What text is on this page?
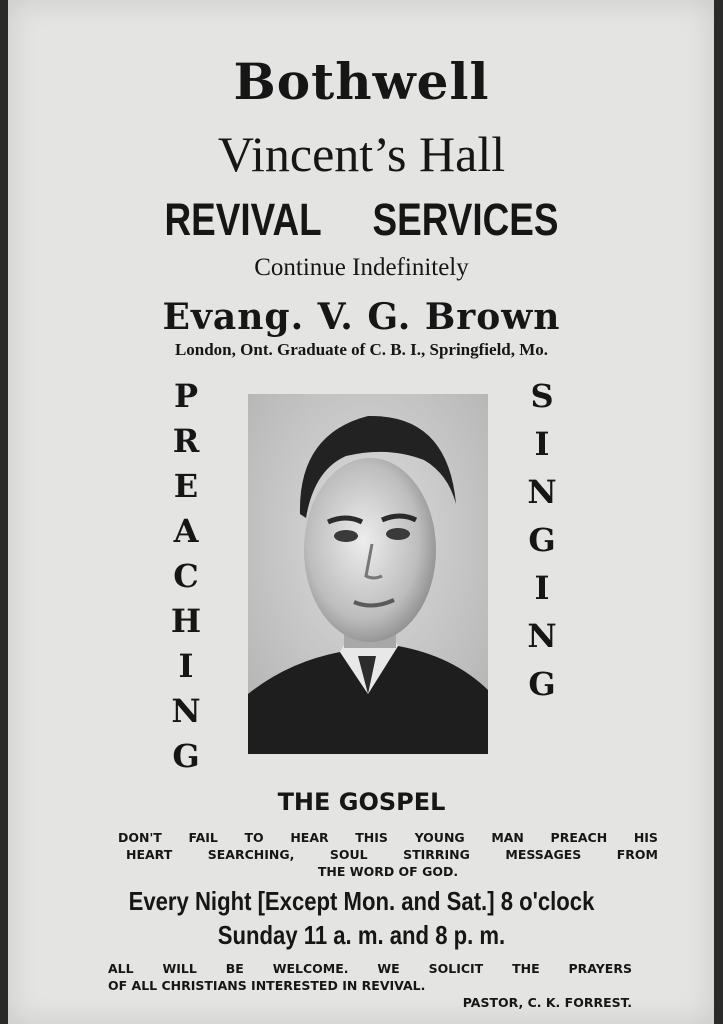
Bothwell
Vincent’s Hall
REVIVAL SERVICES
Continue Indefinitely
Evang. V. G. Brown
London, Ont. Graduate of C. B. I., Springfield, Mo.
P
R
E
A
C
H
I
N
G
S
I
N
G
I
N
G
THE GOSPEL
DON'T FAIL TO HEAR THIS YOUNG MAN PREACH HIS
HEART	SEARCHING,	SOUL	STIRRING	MESSAGES	FROM
THE WORD OF GOD.
Every Night [Except Mon. and Sat.] 8 o'clock
Sunday 11 a. m. and 8 p. m.
ALL WILL BE WELCOME. WE SOLICIT THE PRAYERS
OF ALL CHRISTIANS INTERESTED IN REVIVAL.
PASTOR, C. K. FORREST.
